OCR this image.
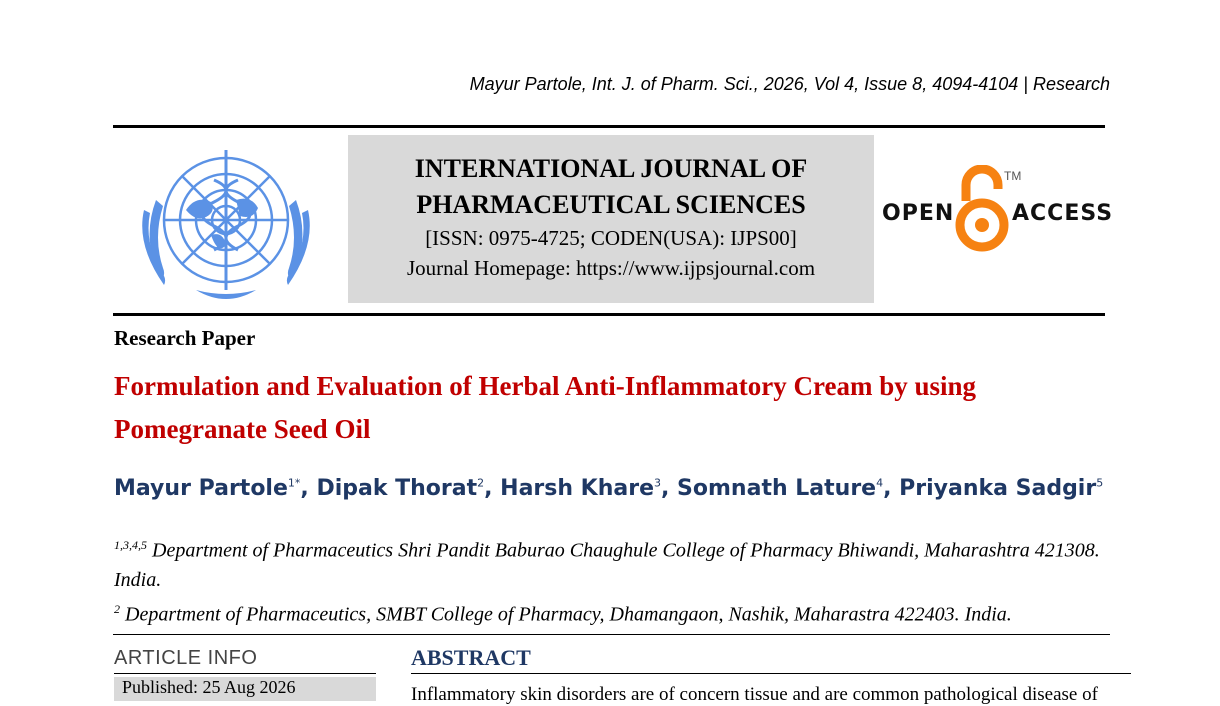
Mayur Partole, Int. J. of Pharm. Sci., 2026, Vol 4, Issue 8, 4094-4104 | Research
INTERNATIONAL JOURNAL OF
PHARMACEUTICAL SCIENCES
[ISSN: 0975-4725; CODEN(USA): IJPS00]
Journal Homepage: https://www.ijpsjournal.com
OPEN
TM
ACCESS
Research Paper
Formulation and Evaluation of Herbal Anti-Inflammatory Cream by using Pomegranate Seed Oil
Mayur Partole$^{1*}$, Dipak Thorat$^2$, Harsh Khare$^3$, Somnath Lature$^4$, Priyanka Sadgir$^5$
$^{1,3,4,5}$ Department of Pharmaceutics Shri Pandit Baburao Chaughule College of Pharmacy Bhiwandi, Maharashtra 421308. India.
$^2$ Department of Pharmaceutics, SMBT College of Pharmacy, Dhamangaon, Nashik, Maharastra 422403. India.
ARTICLE INFO
Published: 25 Aug 2026
ABSTRACT
Inflammatory skin disorders are of concern tissue and are common pathological disease of
